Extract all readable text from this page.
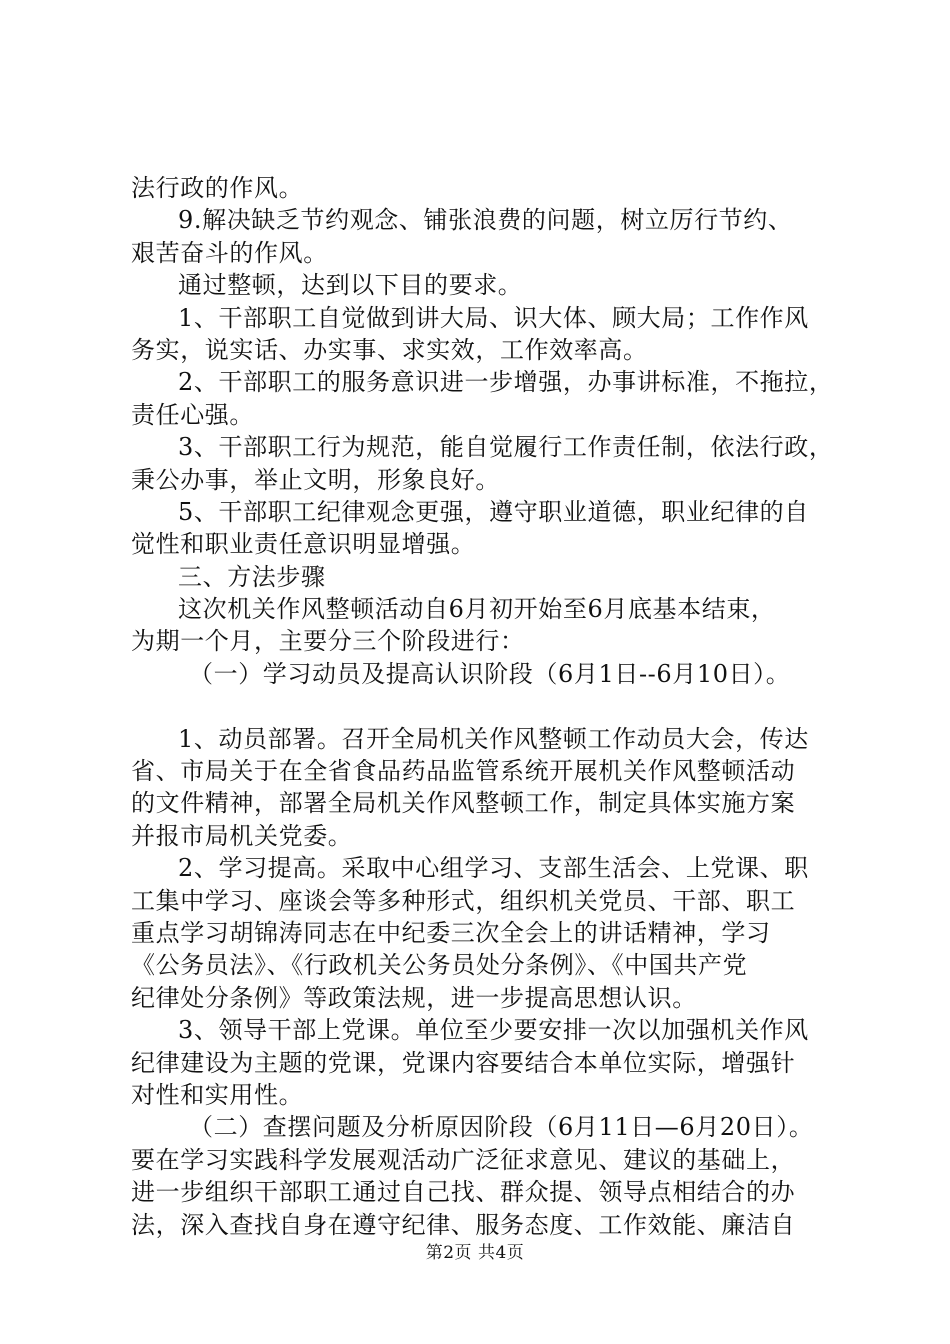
法行政的作风。
9.解决缺乏节约观念、铺张浪费的问题，树立厉行节约、
艰苦奋斗的作风。
通过整顿，达到以下目的要求。
1、干部职工自觉做到讲大局、识大体、顾大局；工作作风
务实，说实话、办实事、求实效，工作效率高。
2、干部职工的服务意识进一步增强，办事讲标准，不拖拉，
责任心强。
3、干部职工行为规范，能自觉履行工作责任制，依法行政，
秉公办事，举止文明，形象良好。
5、干部职工纪律观念更强，遵守职业道德，职业纪律的自
觉性和职业责任意识明显增强。
三、方法步骤
这次机关作风整顿活动自6月初开始至6月底基本结束，
为期一个月，主要分三个阶段进行：
（一）学习动员及提高认识阶段（6月1日--6月10日）。
1、动员部署。召开全局机关作风整顿工作动员大会，传达
省、市局关于在全省食品药品监管系统开展机关作风整顿活动
的文件精神，部署全局机关作风整顿工作，制定具体实施方案
并报市局机关党委。
2、学习提高。采取中心组学习、支部生活会、上党课、职
工集中学习、座谈会等多种形式，组织机关党员、干部、职工
重点学习胡锦涛同志在中纪委三次全会上的讲话精神，学习
《公务员法》、《行政机关公务员处分条例》、《中国共产党
纪律处分条例》等政策法规，进一步提高思想认识。
3、领导干部上党课。单位至少要安排一次以加强机关作风
纪律建设为主题的党课，党课内容要结合本单位实际，增强针
对性和实用性。
（二）查摆问题及分析原因阶段（6月11日—6月20日）。
要在学习实践科学发展观活动广泛征求意见、建议的基础上，
进一步组织干部职工通过自己找、群众提、领导点相结合的办
法，深入查找自身在遵守纪律、服务态度、工作效能、廉洁自
第2页 共4页
